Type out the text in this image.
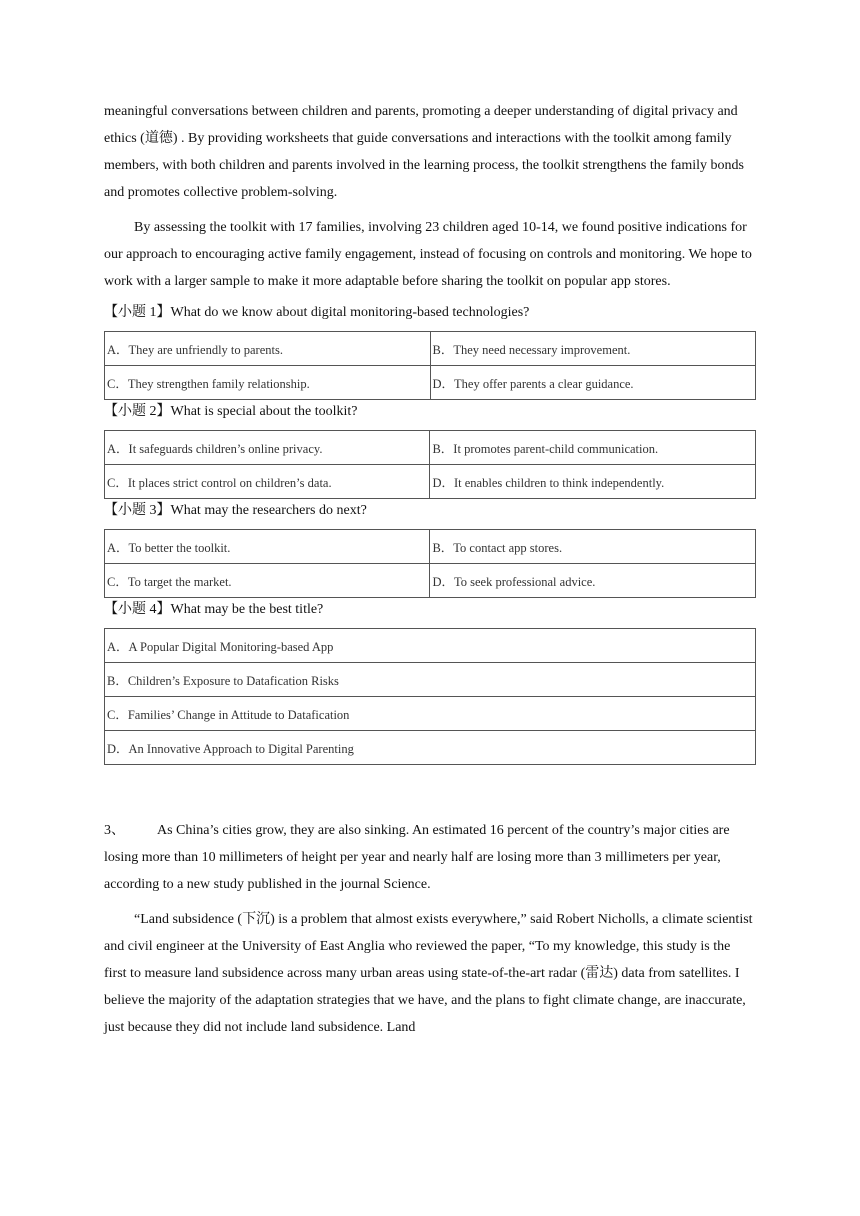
meaningful conversations between children and parents, promoting a deeper understanding of digital privacy and ethics (道德) . By providing worksheets that guide conversations and interactions with the toolkit among family members, with both children and parents involved in the learning process, the toolkit strengthens the family bonds and promotes collective problem-solving.

By assessing the toolkit with 17 families, involving 23 children aged 10-14, we found positive indications for our approach to encouraging active family engagement, instead of focusing on controls and monitoring. We hope to work with a larger sample to make it more adaptable before sharing the toolkit on popular app stores.

【小题 1】What do we know about digital monitoring-based technologies?

A．They are unfriendly to parents.	B．They need necessary improvement.
C．They strengthen family relationship.	D．They offer parents a clear guidance.

【小题 2】What is special about the toolkit?

A．It safeguards children’s online privacy.	B．It promotes parent-child communication.
C．It places strict control on children’s data.	D．It enables children to think independently.

【小题 3】What may the researchers do next?

A．To better the toolkit.	B．To contact app stores.
C．To target the market.	D．To seek professional advice.

【小题 4】What may be the best title?

A．A Popular Digital Monitoring-based App
B．Children’s Exposure to Datafication Risks
C．Families’ Change in Attitude to Datafication
D．An Innovative Approach to Digital Parenting

3、 As China’s cities grow, they are also sinking. An estimated 16 percent of the country’s major cities are losing more than 10 millimeters of height per year and nearly half are losing more than 3 millimeters per year, according to a new study published in the journal Science.

“Land subsidence (下沉) is a problem that almost exists everywhere,” said Robert Nicholls, a climate scientist and civil engineer at the University of East Anglia who reviewed the paper, “To my knowledge, this study is the first to measure land subsidence across many urban areas using state-of-the-art radar (雷达) data from satellites. I believe the majority of the adaptation strategies that we have, and the plans to fight climate change, are inaccurate, just because they did not include land subsidence. Land
